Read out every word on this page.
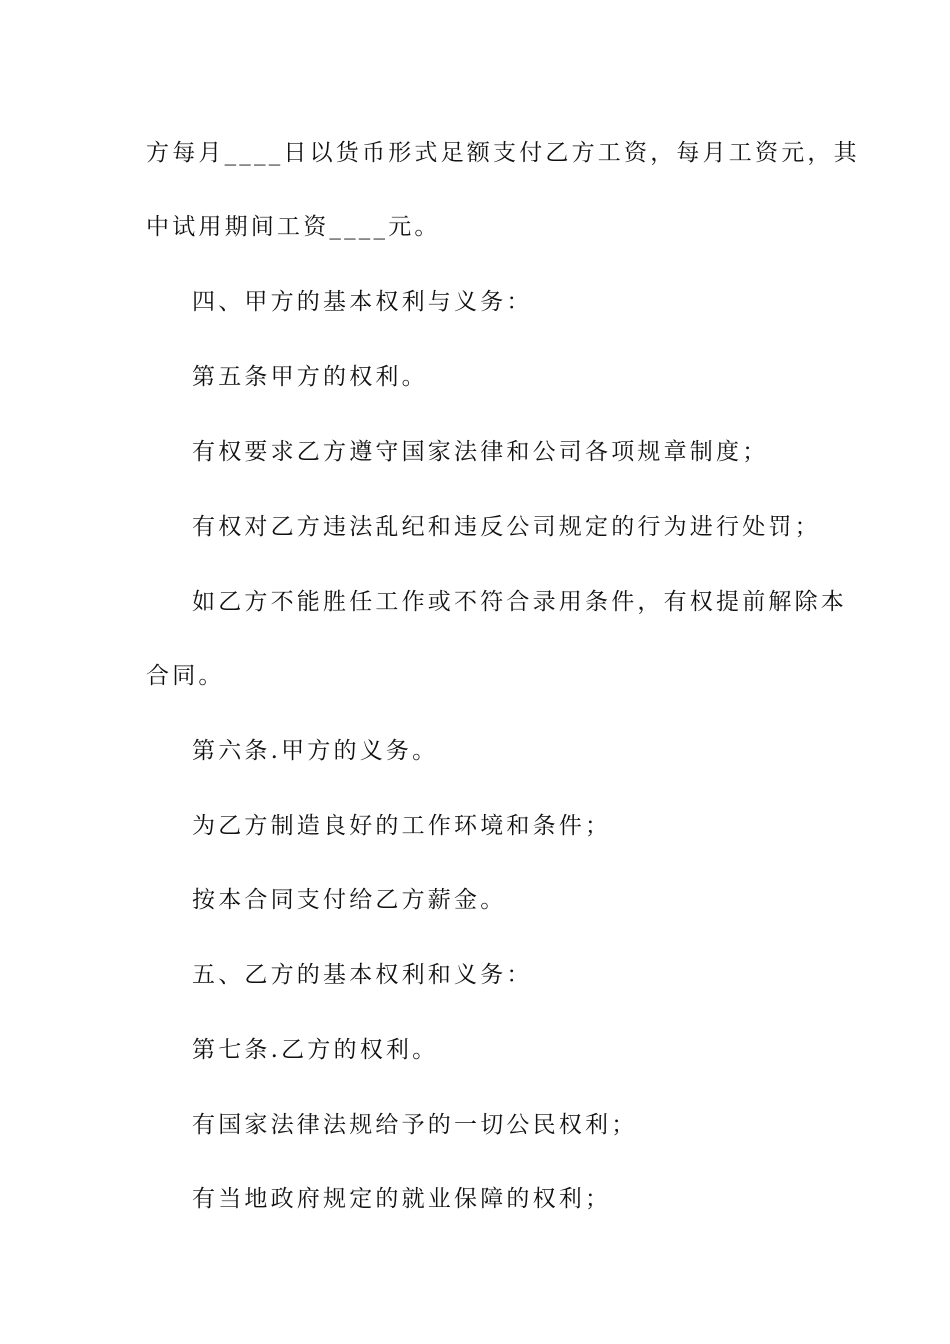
方每月____日以货币形式足额支付乙方工资，每月工资元，其
中试用期间工资____元。
四、甲方的基本权利与义务：
第五条甲方的权利。
有权要求乙方遵守国家法律和公司各项规章制度；
有权对乙方违法乱纪和违反公司规定的行为进行处罚；
如乙方不能胜任工作或不符合录用条件，有权提前解除本
合同。
第六条.甲方的义务。
为乙方制造良好的工作环境和条件；
按本合同支付给乙方薪金。
五、乙方的基本权利和义务：
第七条.乙方的权利。
有国家法律法规给予的一切公民权利；
有当地政府规定的就业保障的权利；
